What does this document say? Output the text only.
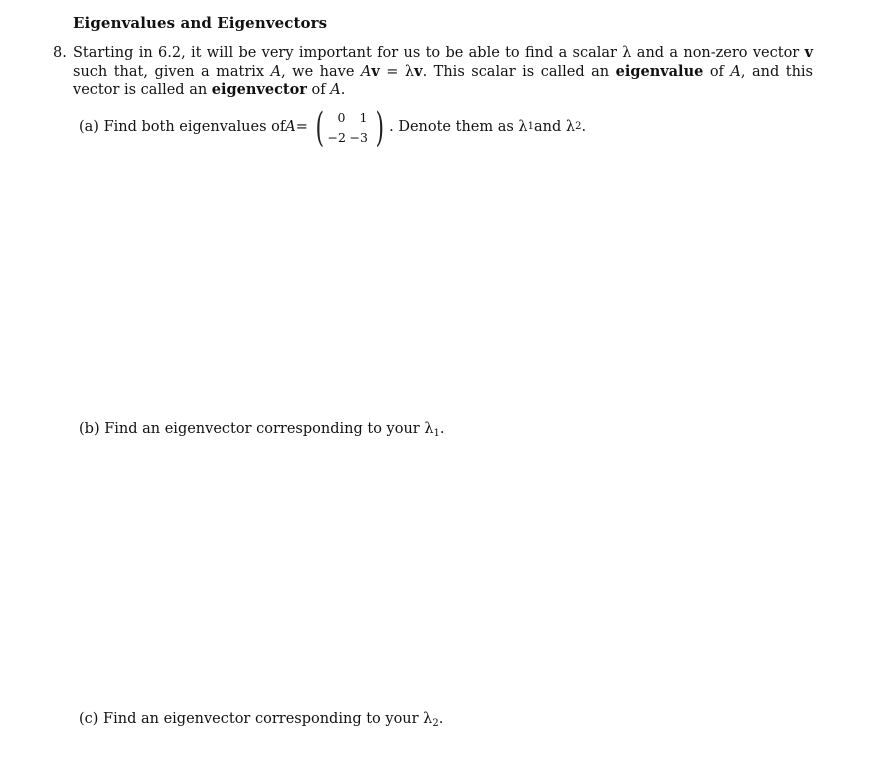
Eigenvalues and Eigenvectors
8. Starting in 6.2, it will be very important for us to be able to find a scalar λ and a non-zero vector v such that, given a matrix A, we have Av = λv. This scalar is called an eigenvalue of A, and this vector is called an eigenvector of A.
(a) Find both eigenvalues of A = (	0	1
−2 −3 ) . Denote them as λ 1 and λ 2 .
(b) Find an eigenvector corresponding to your $\lambda_1$.
(c) Find an eigenvector corresponding to your $\lambda_2$.
